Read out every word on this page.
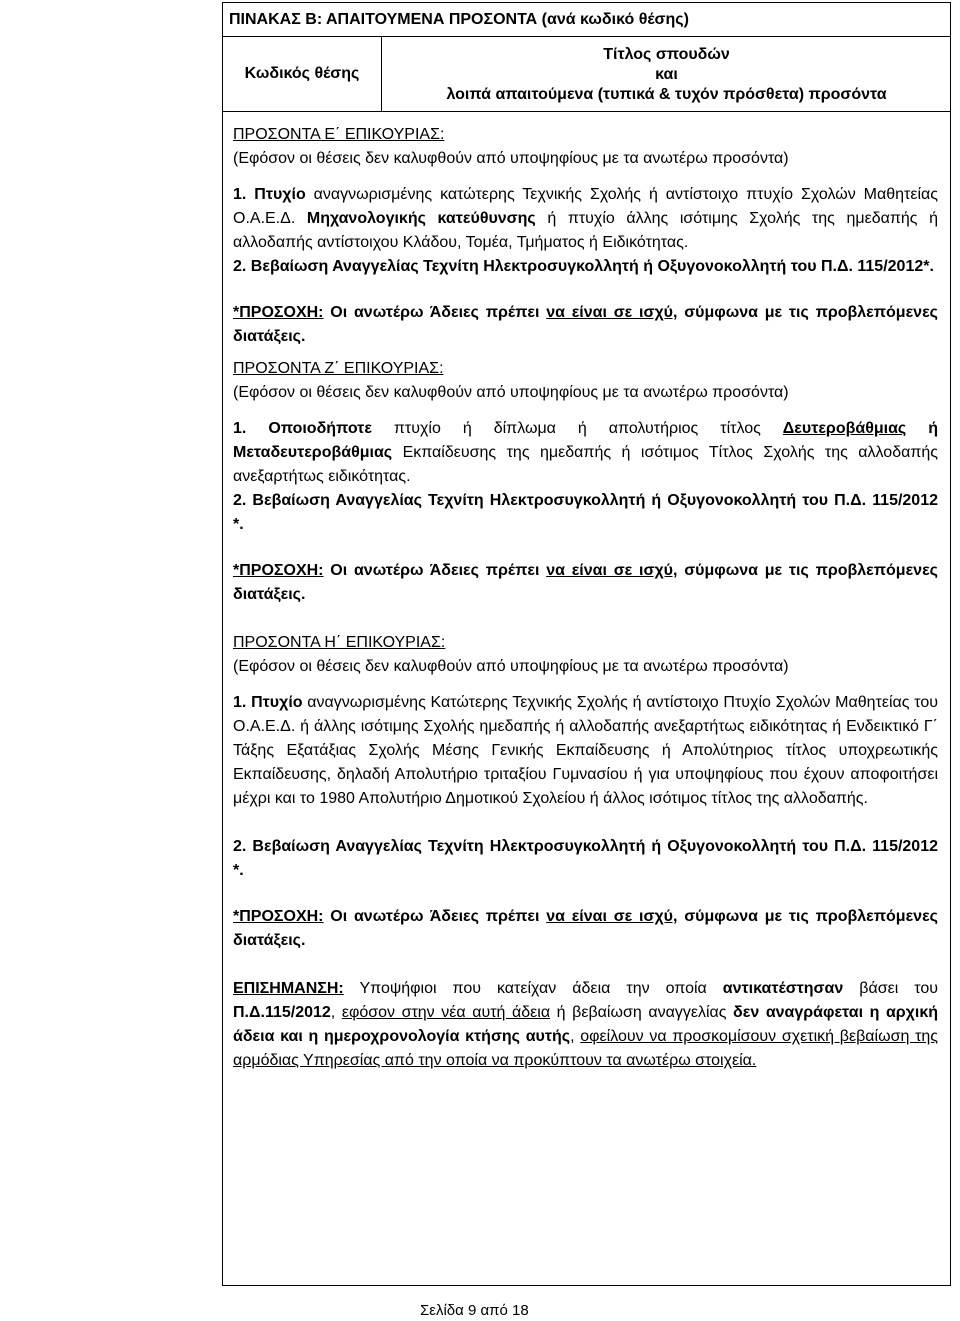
ΠΙΝΑΚΑΣ Β: ΑΠΑΙΤΟΥΜΕΝΑ ΠΡΟΣΟΝΤΑ (ανά κωδικό θέσης)
Κωδικός θέσης
Τίτλος σπουδών
και
λοιπά απαιτούμενα (τυπικά & τυχόν πρόσθετα) προσόντα

ΠΡΟΣΟΝΤΑ Ε΄ ΕΠΙΚΟΥΡΙΑΣ:

(Εφόσον οι θέσεις δεν καλυφθούν από υποψηφίους με τα ανωτέρω προσόντα)

1. Πτυχίο αναγνωρισμένης κατώτερης Τεχνικής Σχολής ή αντίστοιχο πτυχίο Σχολών Μαθητείας Ο.Α.Ε.Δ. Μηχανολογικής κατεύθυνσης ή πτυχίο άλλης ισότιμης Σχολής της ημεδαπής ή αλλοδαπής αντίστοιχου Κλάδου, Τομέα, Τμήματος ή Ειδικότητας.

2. Βεβαίωση Αναγγελίας Τεχνίτη Ηλεκτροσυγκολλητή ή Οξυγονοκολλητή του Π.Δ. 115/2012*.

*ΠΡΟΣΟΧΗ: Οι ανωτέρω Άδειες πρέπει να είναι σε ισχύ, σύμφωνα με τις προβλεπόμενες διατάξεις.

ΠΡΟΣΟΝΤΑ Ζ΄ ΕΠΙΚΟΥΡΙΑΣ:

(Εφόσον οι θέσεις δεν καλυφθούν από υποψηφίους με τα ανωτέρω προσόντα)

1. Οποιοδήποτε πτυχίο ή δίπλωμα ή απολυτήριος τίτλος Δευτεροβάθμιας ή Μεταδευτεροβάθμιας Εκπαίδευσης της ημεδαπής ή ισότιμος Τίτλος Σχολής της αλλοδαπής ανεξαρτήτως ειδικότητας.

2. Βεβαίωση Αναγγελίας Τεχνίτη Ηλεκτροσυγκολλητή ή Οξυγονοκολλητή του Π.Δ. 115/2012 *.

*ΠΡΟΣΟΧΗ: Οι ανωτέρω Άδειες πρέπει να είναι σε ισχύ, σύμφωνα με τις προβλεπόμενες διατάξεις.

ΠΡΟΣΟΝΤΑ Η΄ ΕΠΙΚΟΥΡΙΑΣ:

(Εφόσον οι θέσεις δεν καλυφθούν από υποψηφίους με τα ανωτέρω προσόντα)

1. Πτυχίο αναγνωρισμένης Κατώτερης Τεχνικής Σχολής ή αντίστοιχο Πτυχίο Σχολών Μαθητείας του Ο.Α.Ε.Δ. ή άλλης ισότιμης Σχολής ημεδαπής ή αλλοδαπής ανεξαρτήτως ειδικότητας ή Ενδεικτικό Γ΄ Τάξης Εξατάξιας Σχολής Μέσης Γενικής Εκπαίδευσης ή Απολύτηριος τίτλος υποχρεωτικής Εκπαίδευσης, δηλαδή Απολυτήριο τριταξίου Γυμνασίου ή για υποψηφίους που έχουν αποφοιτήσει μέχρι και το 1980 Απολυτήριο Δημοτικού Σχολείου ή άλλος ισότιμος τίτλος της αλλοδαπής.

2. Βεβαίωση Αναγγελίας Τεχνίτη Ηλεκτροσυγκολλητή ή Οξυγονοκολλητή του Π.Δ. 115/2012 *.

*ΠΡΟΣΟΧΗ: Οι ανωτέρω Άδειες πρέπει να είναι σε ισχύ, σύμφωνα με τις προβλεπόμενες διατάξεις.

ΕΠΙΣΗΜΑΝΣΗ: Υποψήφιοι που κατείχαν άδεια την οποία αντικατέστησαν βάσει του Π.Δ.115/2012, εφόσον στην νέα αυτή άδεια ή βεβαίωση αναγγελίας δεν αναγράφεται η αρχική άδεια και η ημεροχρονολογία κτήσης αυτής, οφείλουν να προσκομίσουν σχετική βεβαίωση της αρμόδιας Υπηρεσίας από την οποία να προκύπτουν τα ανωτέρω στοιχεία.

Σελίδα 9 από 18
